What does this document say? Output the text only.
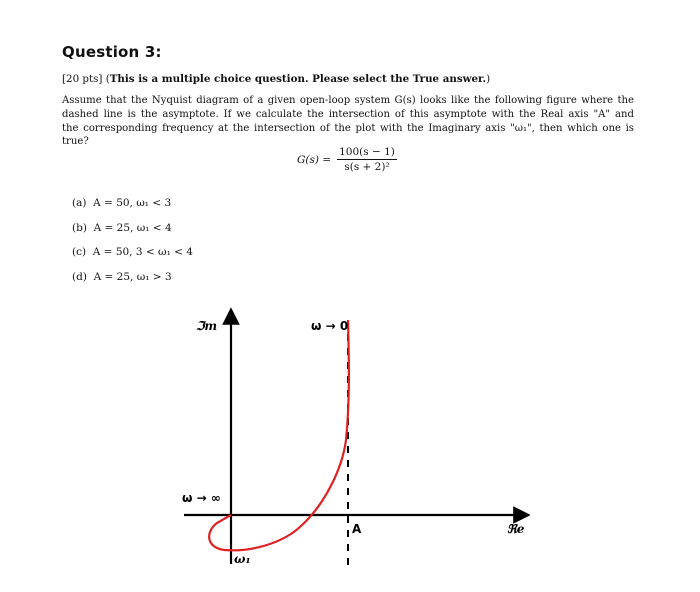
Question 3:
[20 pts] (This is a multiple choice question. Please select the True answer.)
Assume that the Nyquist diagram of a given open-loop system G(s) looks like the following figure where the
dashed line is the asymptote. If we calculate the intersection of this asymptote with the Real axis "A" and
the corresponding frequency at the intersection of the plot with the Imaginary axis "ω₁", then which one is
true?
$G(s) = \frac{100(s - 1)}{\text{s(s + 2)²}}$
(a) A = 50, ω₁ < 3
(b) A = 25, ω₁ < 4
(c) A = 50, 3 < ω₁ < 4
(d) A = 25, ω₁ > 3
ℑm
ℜe
A
ω → 0
ω → ∞
ω₁
